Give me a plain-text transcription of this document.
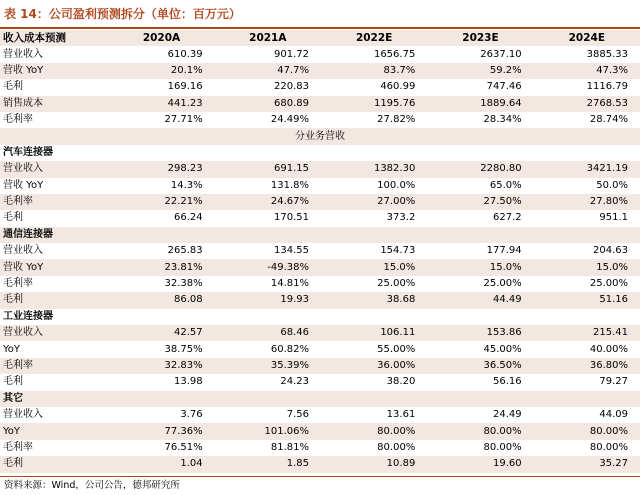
表 14：公司盈利预测拆分（单位：百万元）
收入成本预测	2020A	2021A	2022E	2023E	2024E
营业收入	610.39	901.72	1656.75	2637.10	3885.33
营收 YoY	20.1%	47.7%	83.7%	59.2%	47.3%
毛利	169.16	220.83	460.99	747.46	1116.79
销售成本	441.23	680.89	1195.76	1889.64	2768.53
毛利率	27.71%	24.49%	27.82%	28.34%	28.74%
分业务营收					
汽车连接器					
营业收入	298.23	691.15	1382.30	2280.80	3421.19
营收 YoY	14.3%	131.8%	100.0%	65.0%	50.0%
毛利率	22.21%	24.67%	27.00%	27.50%	27.80%
毛利	66.24	170.51	373.2	627.2	951.1
通信连接器					
营业收入	265.83	134.55	154.73	177.94	204.63
营收 YoY	23.81%	-49.38%	15.0%	15.0%	15.0%
毛利率	32.38%	14.81%	25.00%	25.00%	25.00%
毛利	86.08	19.93	38.68	44.49	51.16
工业连接器					
营业收入	42.57	68.46	106.11	153.86	215.41
YoY	38.75%	60.82%	55.00%	45.00%	40.00%
毛利率	32.83%	35.39%	36.00%	36.50%	36.80%
毛利	13.98	24.23	38.20	56.16	79.27
其它					
营业收入	3.76	7.56	13.61	24.49	44.09
YoY	77.36%	101.06%	80.00%	80.00%	80.00%
毛利率	76.51%	81.81%	80.00%	80.00%	80.00%
毛利	1.04	1.85	10.89	19.60	35.27
资料来源：Wind，公司公告，德邦研究所
